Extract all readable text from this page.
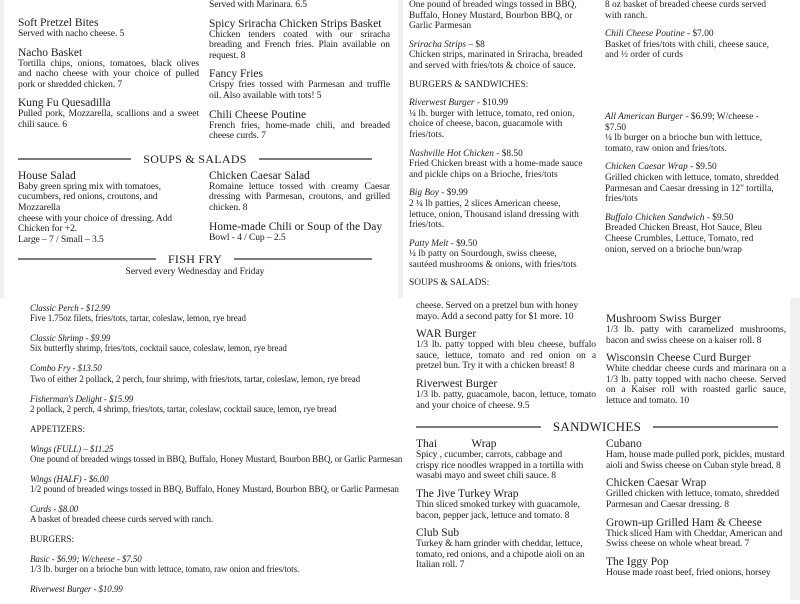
Soft Pretzel Bites
Served with nacho cheese. 5
Nacho Basket
Tortilla chips, onions, tomatoes, black olives and nacho cheese with your choice of pulled pork or shredded chicken. 7
Kung Fu Quesadilla
Pulled pork, Mozzarella, scallions and a sweet chili sauce. 6
Served with Marinara. 6.5
Spicy Sriracha Chicken Strips Basket
Chicken tenders coated with our sriracha breading and French fries. Plain available on request. 8
Fancy Fries
Crispy fries tossed with Parmesan and truffle oil. Also available with tots! 5
Chili Cheese Poutine
French fries, home-made chili, and breaded cheese curds. 7
SOUPS & SALADS
House Salad
Baby green spring mix with tomatoes,
cucumbers, red onions, croutons, and Mozzarella
cheese with your choice of dressing. Add
Chicken for +2.
Large – 7 / Small – 3.5
Chicken Caesar Salad
Romaine lettuce tossed with creamy Caesar dressing with Parmesan, croutons, and grilled chicken. 8
Home-made Chili or Soup of the Day
Bowl - 4 / Cup – 2.5
FISH FRY
Served every Wednesday and Friday
One pound of breaded wings tossed in BBQ,
Buffalo, Honey Mustard, Bourbon BBQ, or
Garlic Parmesan
Sriracha Strips – $8
Chicken strips, marinated in Sriracha, breaded
and served with fries/tots & choice of sauce.
BURGERS & SANDWICHES:
Riverwest Burger - $10.99
¼ lb. burger with lettuce, tomato, red onion,
choice of cheese, bacon, guacamole with
fries/tots.
Nashville Hot Chicken - $8.50
Fried Chicken breast with a home-made sauce
and pickle chips on a Brioche, fries/tots
Big Boy - $9.99
2 ¼ lb patties, 2 slices American cheese,
lettuce, onion, Thousand island dressing with
fries/tots.
Patty Melt - $9.50
¼ lb patty on Sourdough, swiss cheese,
sautéed mushrooms & onions, with fries/tots
SOUPS & SALADS:
8 oz basket of breaded cheese curds served
with ranch.
Chili Cheese Poutine - $7.00
Basket of fries/tots with chili, cheese sauce,
and ½ order of curds
All American Burger - $6.99; W/cheese -
$7.50
¼ lb burger on a brioche bun with lettuce,
tomato, raw onion and fries/tots.
Chicken Caesar Wrap - $9.50
Grilled chicken with lettuce, tomato, shredded
Parmesan and Caesar dressing in 12" tortilla,
fries/tots
Buffalo Chicken Sandwich - $9.50
Breaded Chicken Breast, Hot Sauce, Bleu
Cheese Crumbles, Lettuce, Tomato, red
onion, served on a brioche bun/wrap
Classic Perch - $12.99
Five 1.75oz filets, fries/tots, tartar, coleslaw, lemon, rye bread
Classic Shrimp - $9.99
Six butterfly shrimp, fries/tots, cocktail sauce, coleslaw, lemon, rye bread
Combo Fry - $13.50
Two of either 2 pollack, 2 perch, four shrimp, with fries/tots, tartar, coleslaw, lemon, rye bread
Fisherman's Delight - $15.99
2 pollack, 2 perch, 4 shrimp, fries/tots, tartar, coleslaw, cocktail sauce, lemon, rye bread
APPETIZERS:
Wings (FULL) – $11.25
One pound of breaded wings tossed in BBQ, Buffalo, Honey Mustard, Bourbon BBQ, or Garlic Parmesan
Wings (HALF) - $6.00
1/2 pound of breaded wings tossed in BBQ, Buffalo, Honey Mustard, Bourbon BBQ, or Garlic Parmesan
Curds - $8.00
A basket of breaded cheese curds served with ranch.
BURGERS:
Basic - $6.99; W/cheese - $7.50
1/3 lb. burger on a brioche bun with lettuce, tomato, raw onion and fries/tots.
Riverwest Burger - $10.99
cheese. Served on a pretzel bun with honey
mayo. Add a second patty for $1 more. 10
WAR Burger
1/3 lb. patty topped with bleu cheese, buffalo sauce, lettuce, tomato and red onion on a pretzel bun. Try it with a chicken breast! 8
Riverwest Burger
1/3 lb. patty, guacamole, bacon, lettuce, tomato and your choice of cheese. 9.5
Mushroom Swiss Burger
1/3 lb. patty with caramelized mushrooms, bacon and swiss cheese on a kaiser roll. 8
Wisconsin Cheese Curd Burger
White cheddar cheese curds and marinara on a 1/3 lb. patty topped with nacho cheese. Served on a Kaiser roll with roasted garlic sauce, lettuce and tomato. 10
SANDWICHES
Thai            Wrap
Spicy , cucumber, carrots, cabbage and
crispy rice noodles wrapped in a tortilla with
wasabi mayo and sweet chili sauce. 8
The Jive Turkey Wrap
Thin sliced smoked turkey with guacamole,
bacon, pepper jack, lettuce and tomato. 8
Club Sub
Turkey & ham grinder with cheddar, lettuce,
tomato, red onions, and a chipotle aioli on an
Italian roll. 7
Cubano
Ham, house made pulled pork, pickles, mustard
aioli and Swiss cheese on Cuban style bread. 8
Chicken Caesar Wrap
Grilled chicken with lettuce, tomato, shredded
Parmesan and Caesar dressing. 8
Grown-up Grilled Ham & Cheese
Thick sliced Ham with Cheddar, American and
Swiss cheese on whole wheat bread. 7
The Iggy Pop
House made roast beef, fried onions, horsey
